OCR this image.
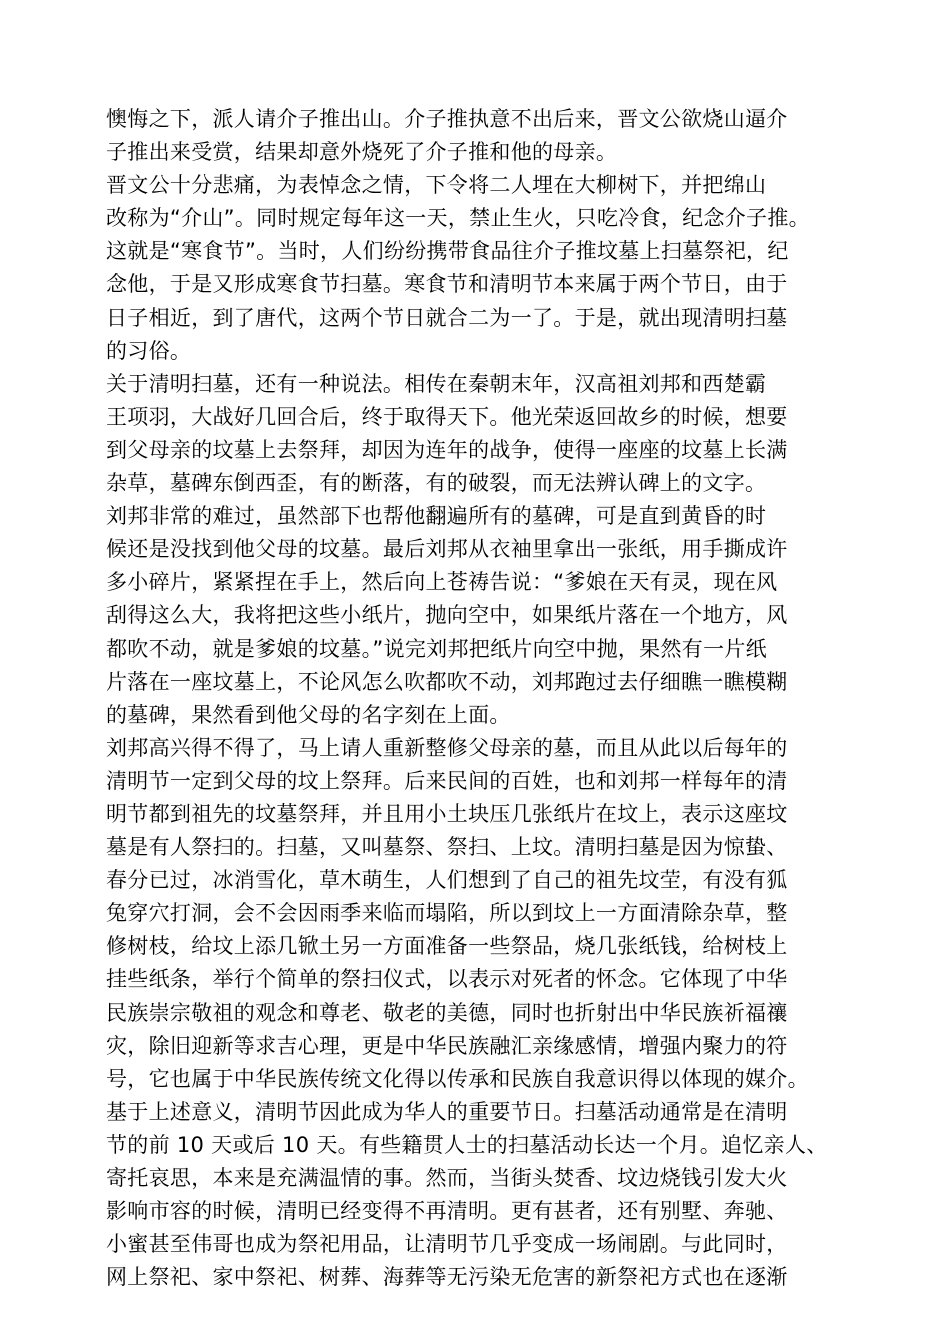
懊悔之下，派人请介子推出山。介子推执意不出后来，晋文公欲烧山逼介
子推出来受赏，结果却意外烧死了介子推和他的母亲。
晋文公十分悲痛，为表悼念之情，下令将二人埋在大柳树下，并把绵山
改称为“介山”。同时规定每年这一天，禁止生火，只吃冷食，纪念介子推。
这就是“寒食节”。当时，人们纷纷携带食品往介子推坟墓上扫墓祭祀，纪
念他，于是又形成寒食节扫墓。寒食节和清明节本来属于两个节日，由于
日子相近，到了唐代，这两个节日就合二为一了。于是，就出现清明扫墓
的习俗。
关于清明扫墓，还有一种说法。相传在秦朝末年，汉高祖刘邦和西楚霸
王项羽，大战好几回合后，终于取得天下。他光荣返回故乡的时候，想要
到父母亲的坟墓上去祭拜，却因为连年的战争，使得一座座的坟墓上长满
杂草，墓碑东倒西歪，有的断落，有的破裂，而无法辨认碑上的文字。
刘邦非常的难过，虽然部下也帮他翻遍所有的墓碑，可是直到黄昏的时
候还是没找到他父母的坟墓。最后刘邦从衣袖里拿出一张纸，用手撕成许
多小碎片，紧紧捏在手上，然后向上苍祷告说：“爹娘在天有灵，现在风
刮得这么大，我将把这些小纸片，抛向空中，如果纸片落在一个地方，风
都吹不动，就是爹娘的坟墓。”说完刘邦把纸片向空中抛，果然有一片纸
片落在一座坟墓上，不论风怎么吹都吹不动，刘邦跑过去仔细瞧一瞧模糊
的墓碑，果然看到他父母的名字刻在上面。
刘邦高兴得不得了，马上请人重新整修父母亲的墓，而且从此以后每年的
清明节一定到父母的坟上祭拜。后来民间的百姓，也和刘邦一样每年的清
明节都到祖先的坟墓祭拜，并且用小土块压几张纸片在坟上，表示这座坟
墓是有人祭扫的。扫墓，又叫墓祭、祭扫、上坟。清明扫墓是因为惊蛰、
春分已过，冰消雪化，草木萌生，人们想到了自己的祖先坟茔，有没有狐
兔穿穴打洞，会不会因雨季来临而塌陷，所以到坟上一方面清除杂草，整
修树枝，给坟上添几锨土另一方面准备一些祭品，烧几张纸钱，给树枝上
挂些纸条，举行个简单的祭扫仪式，以表示对死者的怀念。它体现了中华
民族崇宗敬祖的观念和尊老、敬老的美德，同时也折射出中华民族祈福禳
灾，除旧迎新等求吉心理，更是中华民族融汇亲缘感情，增强内聚力的符
号，它也属于中华民族传统文化得以传承和民族自我意识得以体现的媒介。
基于上述意义，清明节因此成为华人的重要节日。扫墓活动通常是在清明
节的前 10 天或后 10 天。有些籍贯人士的扫墓活动长达一个月。追忆亲人、
寄托哀思，本来是充满温情的事。然而，当街头焚香、坟边烧钱引发大火
影响市容的时候，清明已经变得不再清明。更有甚者，还有别墅、奔驰、
小蜜甚至伟哥也成为祭祀用品，让清明节几乎变成一场闹剧。与此同时，
网上祭祀、家中祭祀、树葬、海葬等无污染无危害的新祭祀方式也在逐渐
